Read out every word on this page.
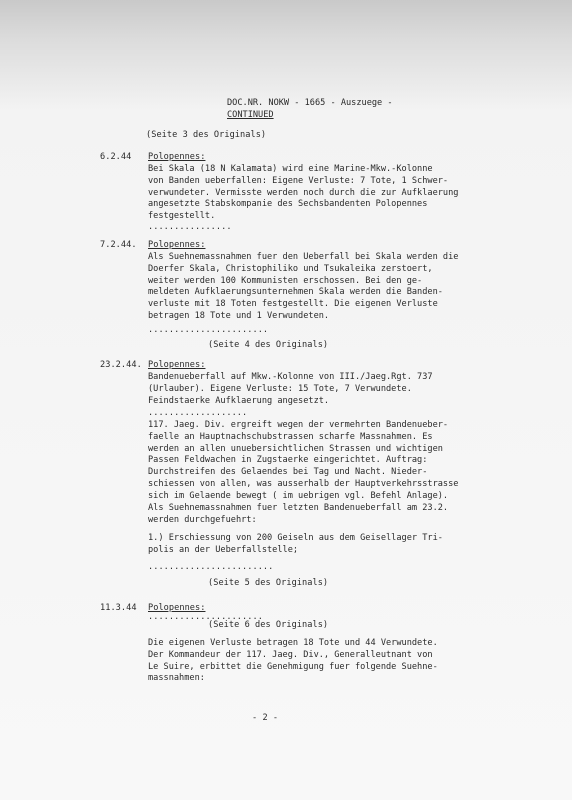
DOC.NR. NOKW - 1665 - Auszuege -
CONTINUED
(Seite 3 des Originals)
6.2.44 Polopennes:
Bei Skala (18 N Kalamata) wird eine Marine-Mkw.-Kolonne
von Banden ueberfallen: Eigene Verluste: 7 Tote, 1 Schwer-
verwundeter. Vermisste werden noch durch die zur Aufklaerung
angesetzte Stabskompanie des Sechsbandenten Polopennes
festgestellt.
................
7.2.44. Polopennes:
Als Suehnemassnahmen fuer den Ueberfall bei Skala werden die
Doerfer Skala, Christophiliko und Tsukaleika zerstoert,
weiter werden 100 Kommunisten erschossen. Bei den ge-
meldeten Aufklaerungsunternehmen Skala werden die Banden-
verluste mit 18 Toten festgestellt. Die eigenen Verluste
betragen 18 Tote und 1 Verwundeten.
.......................
(Seite 4 des Originals)
23.2.44. Polopennes:
Bandenueberfall auf Mkw.-Kolonne von III./Jaeg.Rgt. 737
(Urlauber). Eigene Verluste: 15 Tote, 7 Verwundete.
Feindstaerke Aufklaerung angesetzt.
...................
117. Jaeg. Div. ergreift wegen der vermehrten Bandenueber-
faelle an Hauptnachschubstrassen scharfe Massnahmen. Es
werden an allen unuebersichtlichen Strassen und wichtigen
Passen Feldwachen in Zugstaerke eingerichtet. Auftrag:
Durchstreifen des Gelaendes bei Tag und Nacht. Nieder-
schiessen von allen, was ausserhalb der Hauptverkehrsstrasse
sich im Gelaende bewegt ( im uebrigen vgl. Befehl Anlage).
Als Suehnemassnahmen fuer letzten Bandenueberfall am 23.2.
werden durchgefuehrt:
1.) Erschiessung von 200 Geiseln aus dem Geisellager Tri-
polis an der Ueberfallstelle;
........................
(Seite 5 des Originals)
11.3.44 Polopennes:
......................
(Seite 6 des Originals)
Die eigenen Verluste betragen 18 Tote und 44 Verwundete.
Der Kommandeur der 117. Jaeg. Div., Generalleutnant von
Le Suire, erbittet die Genehmigung fuer folgende Suehne-
massnahmen:
- 2 -
